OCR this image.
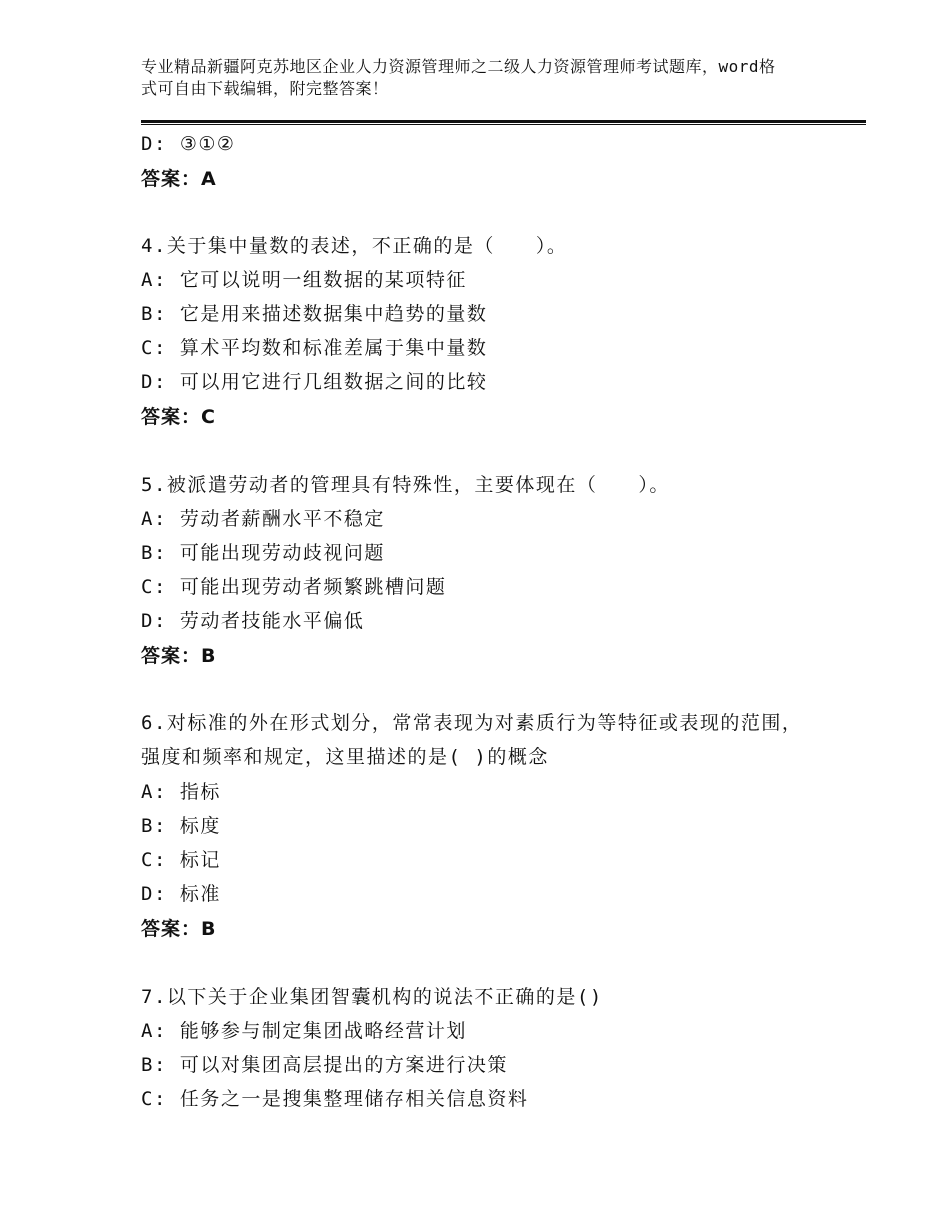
专业精品新疆阿克苏地区企业人力资源管理师之二级人力资源管理师考试题库，word格式可自由下载编辑，附完整答案！
D: ③①②
答案：A
4.关于集中量数的表述，不正确的是（　　）。
A: 它可以说明一组数据的某项特征
B: 它是用来描述数据集中趋势的量数
C: 算术平均数和标准差属于集中量数
D: 可以用它进行几组数据之间的比较
答案：C
5.被派遣劳动者的管理具有特殊性，主要体现在（　　）。
A: 劳动者薪酬水平不稳定
B: 可能出现劳动歧视问题
C: 可能出现劳动者频繁跳槽问题
D: 劳动者技能水平偏低
答案：B
6.对标准的外在形式划分，常常表现为对素质行为等特征或表现的范围，强度和频率和规定，这里描述的是( )的概念
A: 指标
B: 标度
C: 标记
D: 标准
答案：B
7.以下关于企业集团智囊机构的说法不正确的是()
A: 能够参与制定集团战略经营计划
B: 可以对集团高层提出的方案进行决策
C: 任务之一是搜集整理储存相关信息资料
